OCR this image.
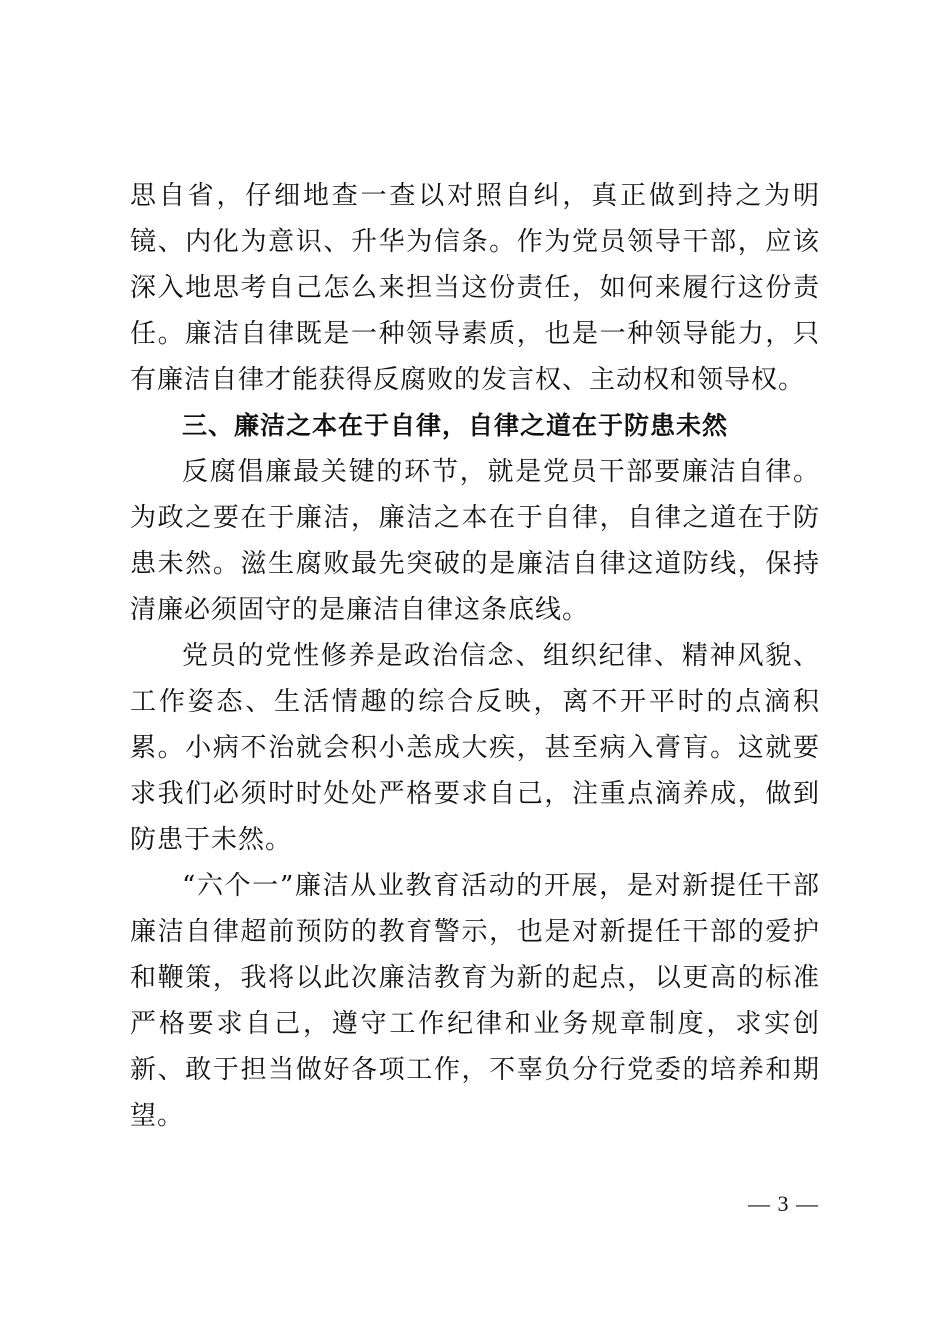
思自省，仔细地查一查以对照自纠，真正做到持之为明镜、内化为意识、升华为信条。作为党员领导干部，应该深入地思考自己怎么来担当这份责任，如何来履行这份责任。廉洁自律既是一种领导素质，也是一种领导能力，只有廉洁自律才能获得反腐败的发言权、主动权和领导权。

三、廉洁之本在于自律，自律之道在于防患未然

反腐倡廉最关键的环节，就是党员干部要廉洁自律。为政之要在于廉洁，廉洁之本在于自律，自律之道在于防患未然。滋生腐败最先突破的是廉洁自律这道防线，保持清廉必须固守的是廉洁自律这条底线。

党员的党性修养是政治信念、组织纪律、精神风貌、工作姿态、生活情趣的综合反映，离不开平时的点滴积累。小病不治就会积小恙成大疾，甚至病入膏肓。这就要求我们必须时时处处严格要求自己，注重点滴养成，做到防患于未然。

“六个一”廉洁从业教育活动的开展，是对新提任干部廉洁自律超前预防的教育警示，也是对新提任干部的爱护和鞭策，我将以此次廉洁教育为新的起点，以更高的标准严格要求自己，遵守工作纪律和业务规章制度，求实创新、敢于担当做好各项工作，不辜负分行党委的培养和期望。

— 3 —
